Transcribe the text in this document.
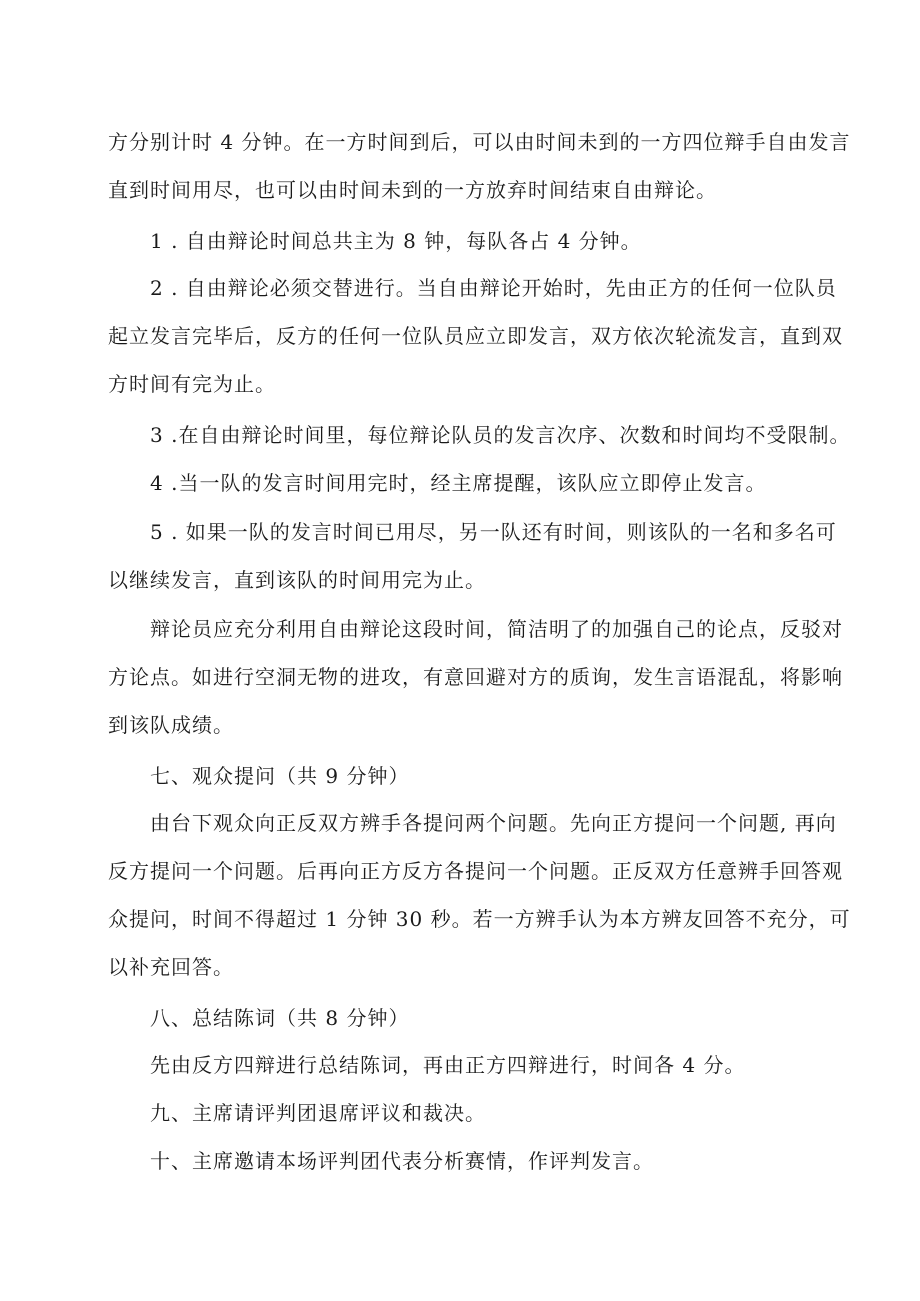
方分别计时 4 分钟。在一方时间到后，可以由时间未到的一方四位辩手自由发言
直到时间用尽，也可以由时间未到的一方放弃时间结束自由辩论。
1 . 自由辩论时间总共主为 8 钟，每队各占 4 分钟。
2 . 自由辩论必须交替进行。当自由辩论开始时，先由正方的任何一位队员
起立发言完毕后，反方的任何一位队员应立即发言，双方依次轮流发言，直到双
方时间有完为止。
3 .在自由辩论时间里，每位辩论队员的发言次序、次数和时间均不受限制。
4 .当一队的发言时间用完时，经主席提醒，该队应立即停止发言。
5 . 如果一队的发言时间已用尽，另一队还有时间，则该队的一名和多名可
以继续发言，直到该队的时间用完为止。
辩论员应充分利用自由辩论这段时间，简洁明了的加强自己的论点，反驳对
方论点。如进行空洞无物的进攻，有意回避对方的质询，发生言语混乱，将影响
到该队成绩。
七、观众提问（共 9 分钟）
由台下观众向正反双方辨手各提问两个问题。先向正方提问一个问题, 再向
反方提问一个问题。后再向正方反方各提问一个问题。正反双方任意辨手回答观
众提问，时间不得超过 1 分钟 30 秒。若一方辨手认为本方辨友回答不充分，可
以补充回答。
八、总结陈词（共 8 分钟）
先由反方四辩进行总结陈词，再由正方四辩进行，时间各 4 分。
九、主席请评判团退席评议和裁决。
十、主席邀请本场评判团代表分析赛情，作评判发言。
